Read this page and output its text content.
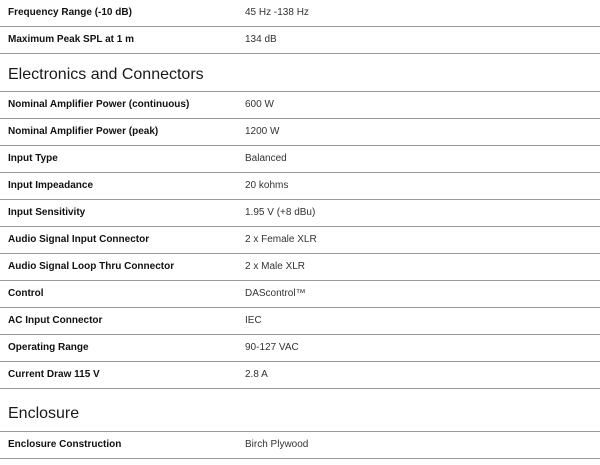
Frequency Range (-10 dB)	45 Hz -138 Hz
Maximum Peak SPL at 1 m	134 dB
Electronics and Connectors
Nominal Amplifier Power (continuous)	600 W
Nominal Amplifier Power (peak)	1200 W
Input Type	Balanced
Input Impeadance	20 kohms
Input Sensitivity	1.95 V (+8 dBu)
Audio Signal Input Connector	2 x Female XLR
Audio Signal Loop Thru Connector	2 x Male XLR
Control	DAScontrol™
AC Input Connector	IEC
Operating Range	90-127 VAC
Current Draw 115 V	2.8 A
Enclosure
Enclosure Construction	Birch Plywood
